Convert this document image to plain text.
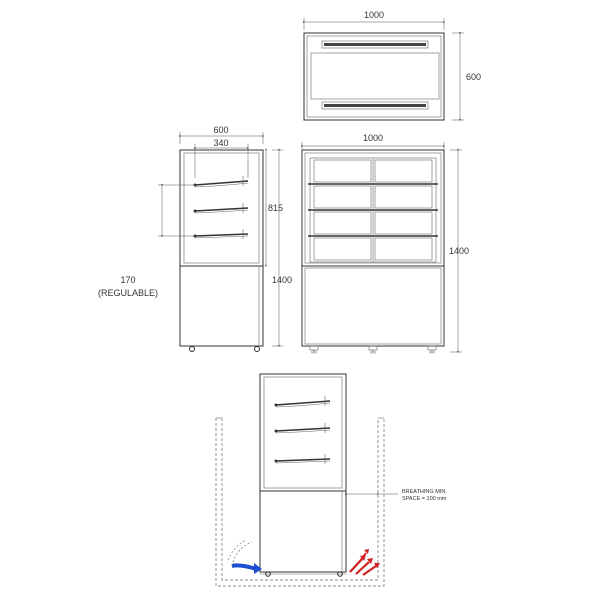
1000
600
600
340
815
1400
170
(REGULABLE)
(A)	(A)	(A)
1000
1400
BREATHING MIN.
SPACE = 100 mm
